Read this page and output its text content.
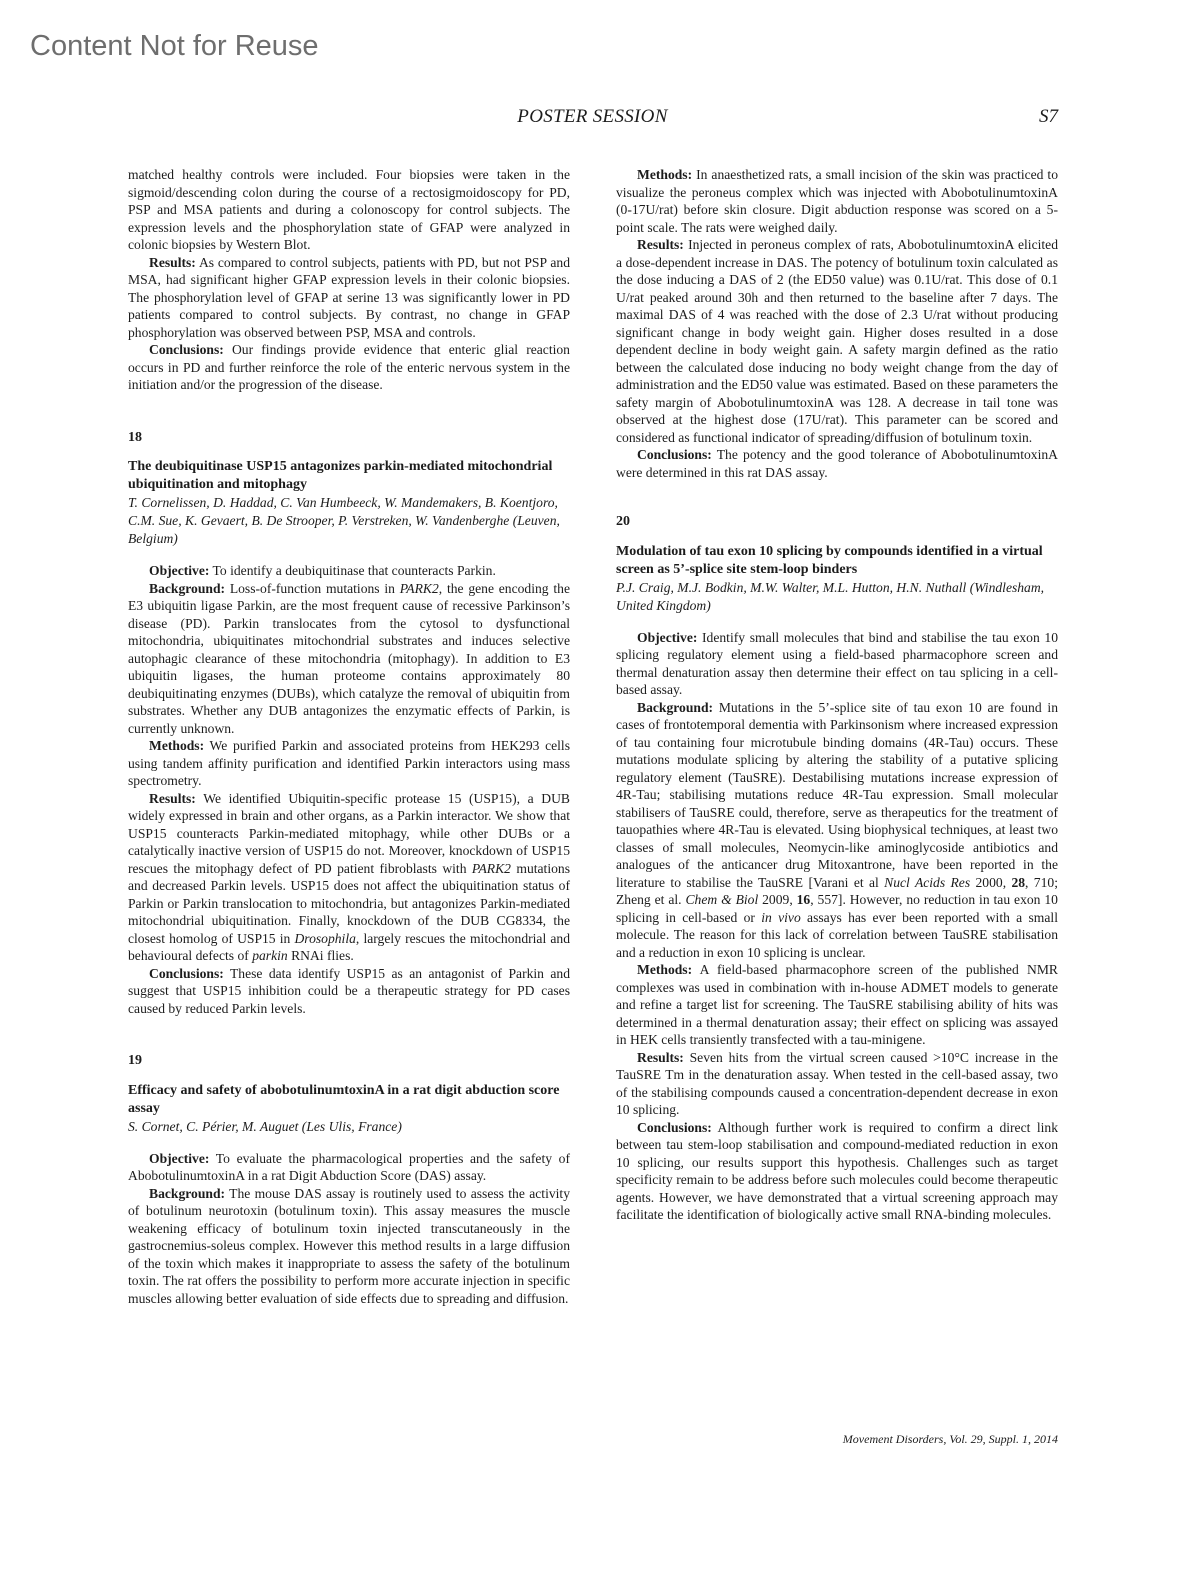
Content Not for Reuse
POSTER SESSION	S7

matched healthy controls were included. Four biopsies were taken in the sigmoid/descending colon during the course of a rectosigmoidoscopy for PD, PSP and MSA patients and during a colonoscopy for control subjects. The expression levels and the phosphorylation state of GFAP were analyzed in colonic biopsies by Western Blot.

Results: As compared to control subjects, patients with PD, but not PSP and MSA, had significant higher GFAP expression levels in their colonic biopsies. The phosphorylation level of GFAP at serine 13 was significantly lower in PD patients compared to control subjects. By contrast, no change in GFAP phosphorylation was observed between PSP, MSA and controls.

Conclusions: Our findings provide evidence that enteric glial reaction occurs in PD and further reinforce the role of the enteric nervous system in the initiation and/or the progression of the disease.

18

The deubiquitinase USP15 antagonizes parkin-mediated mitochondrial ubiquitination and mitophagy

T. Cornelissen, D. Haddad, C. Van Humbeeck, W. Mandemakers, B. Koentjoro, C.M. Sue, K. Gevaert, B. De Strooper, P. Verstreken, W. Vandenberghe (Leuven, Belgium)

Objective: To identify a deubiquitinase that counteracts Parkin.

Background: Loss-of-function mutations in PARK2, the gene encoding the E3 ubiquitin ligase Parkin, are the most frequent cause of recessive Parkinson’s disease (PD). Parkin translocates from the cytosol to dysfunctional mitochondria, ubiquitinates mitochondrial substrates and induces selective autophagic clearance of these mitochondria (mitophagy). In addition to E3 ubiquitin ligases, the human proteome contains approximately 80 deubiquitinating enzymes (DUBs), which catalyze the removal of ubiquitin from substrates. Whether any DUB antagonizes the enzymatic effects of Parkin, is currently unknown.

Methods: We purified Parkin and associated proteins from HEK293 cells using tandem affinity purification and identified Parkin interactors using mass spectrometry.

Results: We identified Ubiquitin-specific protease 15 (USP15), a DUB widely expressed in brain and other organs, as a Parkin interactor. We show that USP15 counteracts Parkin-mediated mitophagy, while other DUBs or a catalytically inactive version of USP15 do not. Moreover, knockdown of USP15 rescues the mitophagy defect of PD patient fibroblasts with PARK2 mutations and decreased Parkin levels. USP15 does not affect the ubiquitination status of Parkin or Parkin translocation to mitochondria, but antagonizes Parkin-mediated mitochondrial ubiquitination. Finally, knockdown of the DUB CG8334, the closest homolog of USP15 in Drosophila, largely rescues the mitochondrial and behavioural defects of parkin RNAi flies.

Conclusions: These data identify USP15 as an antagonist of Parkin and suggest that USP15 inhibition could be a therapeutic strategy for PD cases caused by reduced Parkin levels.

19

Efficacy and safety of abobotulinumtoxinA in a rat digit abduction score assay

S. Cornet, C. Périer, M. Auguet (Les Ulis, France)

Objective: To evaluate the pharmacological properties and the safety of AbobotulinumtoxinA in a rat Digit Abduction Score (DAS) assay.

Background: The mouse DAS assay is routinely used to assess the activity of botulinum neurotoxin (botulinum toxin). This assay measures the muscle weakening efficacy of botulinum toxin injected transcutaneously in the gastrocnemius-soleus complex. However this method results in a large diffusion of the toxin which makes it inappropriate to assess the safety of the botulinum toxin. The rat offers the possibility to perform more accurate injection in specific muscles allowing better evaluation of side effects due to spreading and diffusion.

Methods: In anaesthetized rats, a small incision of the skin was practiced to visualize the peroneus complex which was injected with AbobotulinumtoxinA (0-17U/rat) before skin closure. Digit abduction response was scored on a 5-point scale. The rats were weighed daily.

Results: Injected in peroneus complex of rats, AbobotulinumtoxinA elicited a dose-dependent increase in DAS. The potency of botulinum toxin calculated as the dose inducing a DAS of 2 (the ED50 value) was 0.1U/rat. This dose of 0.1 U/rat peaked around 30h and then returned to the baseline after 7 days. The maximal DAS of 4 was reached with the dose of 2.3 U/rat without producing significant change in body weight gain. Higher doses resulted in a dose dependent decline in body weight gain. A safety margin defined as the ratio between the calculated dose inducing no body weight change from the day of administration and the ED50 value was estimated. Based on these parameters the safety margin of AbobotulinumtoxinA was 128. A decrease in tail tone was observed at the highest dose (17U/rat). This parameter can be scored and considered as functional indicator of spreading/diffusion of botulinum toxin.

Conclusions: The potency and the good tolerance of AbobotulinumtoxinA were determined in this rat DAS assay.

20

Modulation of tau exon 10 splicing by compounds identified in a virtual screen as 5’-splice site stem-loop binders

P.J. Craig, M.J. Bodkin, M.W. Walter, M.L. Hutton, H.N. Nuthall (Windlesham, United Kingdom)

Objective: Identify small molecules that bind and stabilise the tau exon 10 splicing regulatory element using a field-based pharmacophore screen and thermal denaturation assay then determine their effect on tau splicing in a cell-based assay.

Background: Mutations in the 5’-splice site of tau exon 10 are found in cases of frontotemporal dementia with Parkinsonism where increased expression of tau containing four microtubule binding domains (4R-Tau) occurs. These mutations modulate splicing by altering the stability of a putative splicing regulatory element (TauSRE). Destabilising mutations increase expression of 4R-Tau; stabilising mutations reduce 4R-Tau expression. Small molecular stabilisers of TauSRE could, therefore, serve as therapeutics for the treatment of tauopathies where 4R-Tau is elevated. Using biophysical techniques, at least two classes of small molecules, Neomycin-like aminoglycoside antibiotics and analogues of the anticancer drug Mitoxantrone, have been reported in the literature to stabilise the TauSRE [Varani et al Nucl Acids Res 2000, 28, 710; Zheng et al. Chem & Biol 2009, 16, 557]. However, no reduction in tau exon 10 splicing in cell-based or in vivo assays has ever been reported with a small molecule. The reason for this lack of correlation between TauSRE stabilisation and a reduction in exon 10 splicing is unclear.

Methods: A field-based pharmacophore screen of the published NMR complexes was used in combination with in-house ADMET models to generate and refine a target list for screening. The TauSRE stabilising ability of hits was determined in a thermal denaturation assay; their effect on splicing was assayed in HEK cells transiently transfected with a tau-minigene.

Results: Seven hits from the virtual screen caused >10°C increase in the TauSRE Tm in the denaturation assay. When tested in the cell-based assay, two of the stabilising compounds caused a concentration-dependent decrease in exon 10 splicing.

Conclusions: Although further work is required to confirm a direct link between tau stem-loop stabilisation and compound-mediated reduction in exon 10 splicing, our results support this hypothesis. Challenges such as target specificity remain to be address before such molecules could become therapeutic agents. However, we have demonstrated that a virtual screening approach may facilitate the identification of biologically active small RNA-binding molecules.

Movement Disorders, Vol. 29, Suppl. 1, 2014
